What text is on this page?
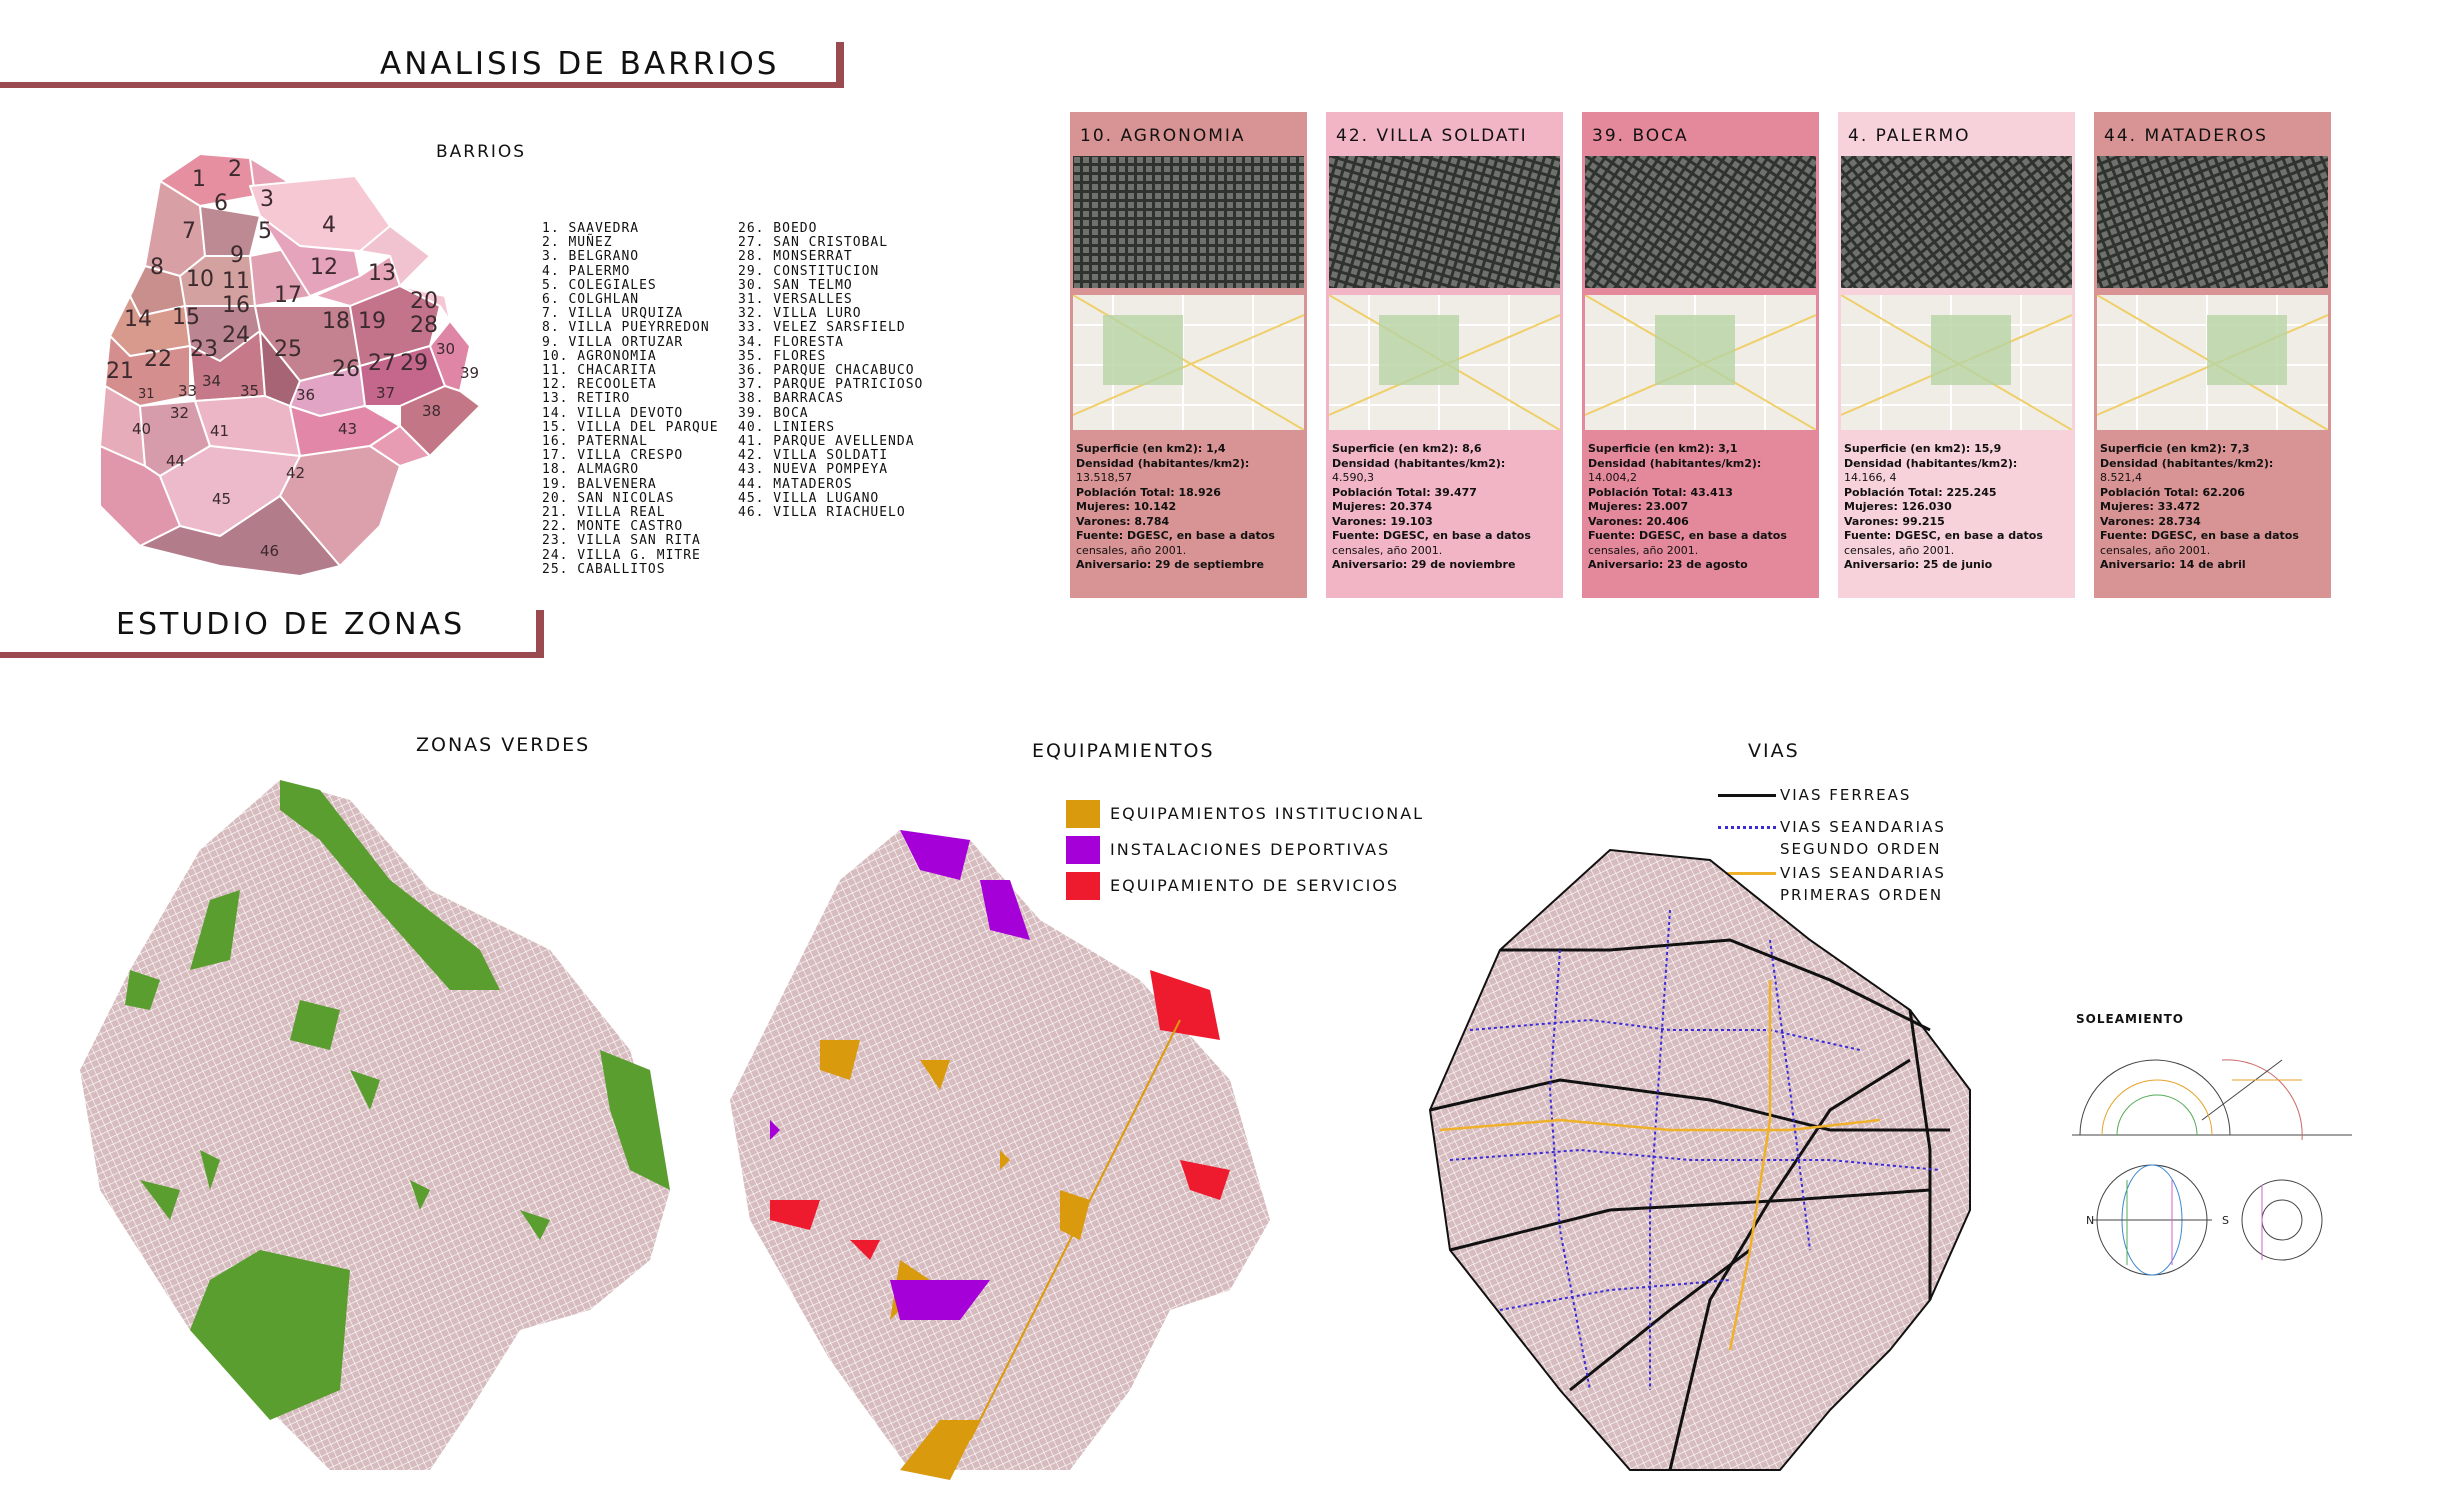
ANALISIS DE BARRIOS
ESTUDIO DE ZONAS
BARRIOS
1 2
3
4
5
6
7
8	9
10 11
12 13
14 15 16 17
18 19
20
21 22 23
24
25
26 27
28
29
30
33
34
35 36	37
38
39
40	41
42
43
44
45
46
32
31
1. SAAVEDRA
2. MUÑEZ
3. BELGRANO
4. PALERMO
5. COLEGIALES
6. COLGHLAN
7. VILLA URQUIZA
8. VILLA PUEYRREDON
9. VILLA ORTUZAR
10. AGRONOMIA
11. CHACARITA
12. RECOOLETA
13. RETIRO
14. VILLA DEVOTO
15. VILLA DEL PARQUE
16. PATERNAL
17. VILLA CRESPO
18. ALMAGRO
19. BALVENERA
20. SAN NICOLAS
21. VILLA REAL
22. MONTE CASTRO
23. VILLA SAN RITA
24. VILLA G. MITRE
25. CABALLITOS
26. BOEDO
27. SAN CRISTOBAL
28. MONSERRAT
29. CONSTITUCION
30. SAN TELMO
31. VERSALLES
32. VILLA LURO
33. VELEZ SARSFIELD
34. FLORESTA
35. FLORES
36. PARQUE CHACABUCO
37. PARQUE PATRICIOSO
38. BARRACAS
39. BOCA
40. LINIERS
41. PARQUE AVELLENDA
42. VILLA SOLDATI
43. NUEVA POMPEYA
44. MATADEROS
45. VILLA LUGANO
46. VILLA RIACHUELO
10. AGRONOMIA
Superficie (en km2): 1,4
Densidad (habitantes/km2):
13.518,57
Población Total: 18.926
Mujeres: 10.142
Varones: 8.784
Fuente: DGESC, en base a datos
censales, año 2001.
Aniversario: 29 de septiembre
42. VILLA SOLDATI
Superficie (en km2): 8,6
Densidad (habitantes/km2):
4.590,3
Población Total: 39.477
Mujeres: 20.374
Varones: 19.103
Fuente: DGESC, en base a datos
censales, año 2001.
Aniversario: 29 de noviembre
39. BOCA
Superficie (en km2): 3,1
Densidad (habitantes/km2):
14.004,2
Población Total: 43.413
Mujeres: 23.007
Varones: 20.406
Fuente: DGESC, en base a datos
censales, año 2001.
Aniversario: 23 de agosto
4. PALERMO
Superficie (en km2): 15,9
Densidad (habitantes/km2):
14.166, 4
Población Total: 225.245
Mujeres: 126.030
Varones: 99.215
Fuente: DGESC, en base a datos
censales, año 2001.
Aniversario: 25 de junio
44. MATADEROS
Superficie (en km2): 7,3
Densidad (habitantes/km2):
8.521,4
Población Total: 62.206
Mujeres: 33.472
Varones: 28.734
Fuente: DGESC, en base a datos
censales, año 2001.
Aniversario: 14 de abril
ZONAS VERDES	EQUIPAMIENTOS
EQUIPAMIENTOS INSTITUCIONAL
INSTALACIONES DEPORTIVAS
EQUIPAMIENTO DE SERVICIOS
VIAS
VIAS FERREAS
VIAS SEANDARIAS
SEGUNDO ORDEN
VIAS SEANDARIAS
PRIMERAS ORDEN
SOLEAMIENTO
N	S
